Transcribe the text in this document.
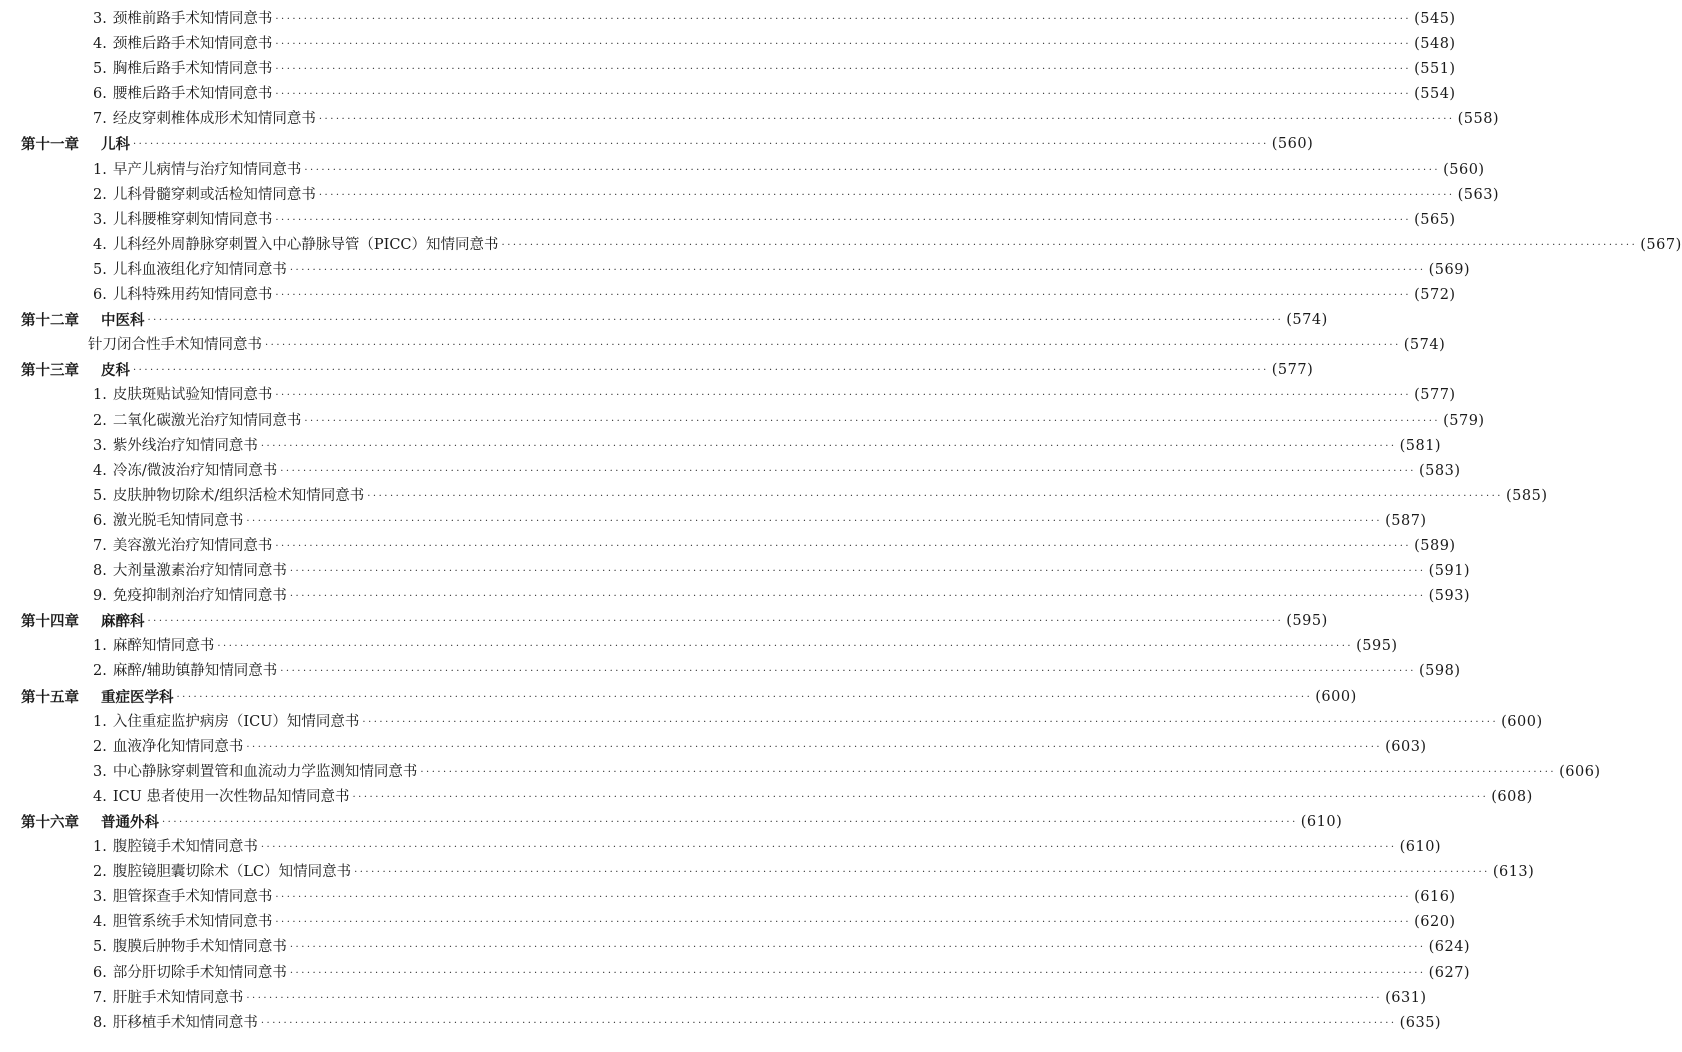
3. 颈椎前路手术知情同意书 ········································································································································································································ (545)
4. 颈椎后路手术知情同意书 ········································································································································································································ (548)
5. 胸椎后路手术知情同意书 ········································································································································································································ (551)
6. 腰椎后路手术知情同意书 ········································································································································································································ (554)
7. 经皮穿刺椎体成形术知情同意书 ········································································································································································································ (558)
第十一章 儿科 ········································································································································································································ (560)
1. 早产儿病情与治疗知情同意书 ········································································································································································································ (560)
2. 儿科骨髓穿刺或活检知情同意书 ········································································································································································································ (563)
3. 儿科腰椎穿刺知情同意书 ········································································································································································································ (565)
4. 儿科经外周静脉穿刺置入中心静脉导管（PICC）知情同意书 ········································································································································································································ (567)
5. 儿科血液组化疗知情同意书 ········································································································································································································ (569)
6. 儿科特殊用药知情同意书 ········································································································································································································ (572)
第十二章 中医科 ········································································································································································································ (574)
针刀闭合性手术知情同意书 ········································································································································································································ (574)
第十三章 皮科 ········································································································································································································ (577)
1. 皮肤斑贴试验知情同意书 ········································································································································································································ (577)
2. 二氧化碳激光治疗知情同意书 ········································································································································································································ (579)
3. 紫外线治疗知情同意书 ········································································································································································································ (581)
4. 冷冻/微波治疗知情同意书 ········································································································································································································ (583)
5. 皮肤肿物切除术/组织活检术知情同意书 ········································································································································································································ (585)
6. 激光脱毛知情同意书 ········································································································································································································ (587)
7. 美容激光治疗知情同意书 ········································································································································································································ (589)
8. 大剂量激素治疗知情同意书 ········································································································································································································ (591)
9. 免疫抑制剂治疗知情同意书 ········································································································································································································ (593)
第十四章 麻醉科 ········································································································································································································ (595)
1. 麻醉知情同意书 ········································································································································································································ (595)
2. 麻醉/辅助镇静知情同意书 ········································································································································································································ (598)
第十五章 重症医学科 ········································································································································································································ (600)
1. 入住重症监护病房（ICU）知情同意书 ········································································································································································································ (600)
2. 血液净化知情同意书 ········································································································································································································ (603)
3. 中心静脉穿刺置管和血流动力学监测知情同意书 ········································································································································································································ (606)
4. ICU 患者使用一次性物品知情同意书 ········································································································································································································ (608)
第十六章 普通外科 ········································································································································································································ (610)
1. 腹腔镜手术知情同意书 ········································································································································································································ (610)
2. 腹腔镜胆囊切除术（LC）知情同意书 ········································································································································································································ (613)
3. 胆管探查手术知情同意书 ········································································································································································································ (616)
4. 胆管系统手术知情同意书 ········································································································································································································ (620)
5. 腹膜后肿物手术知情同意书 ········································································································································································································ (624)
6. 部分肝切除手术知情同意书 ········································································································································································································ (627)
7. 肝脏手术知情同意书 ········································································································································································································ (631)
8. 肝移植手术知情同意书 ········································································································································································································ (635)
